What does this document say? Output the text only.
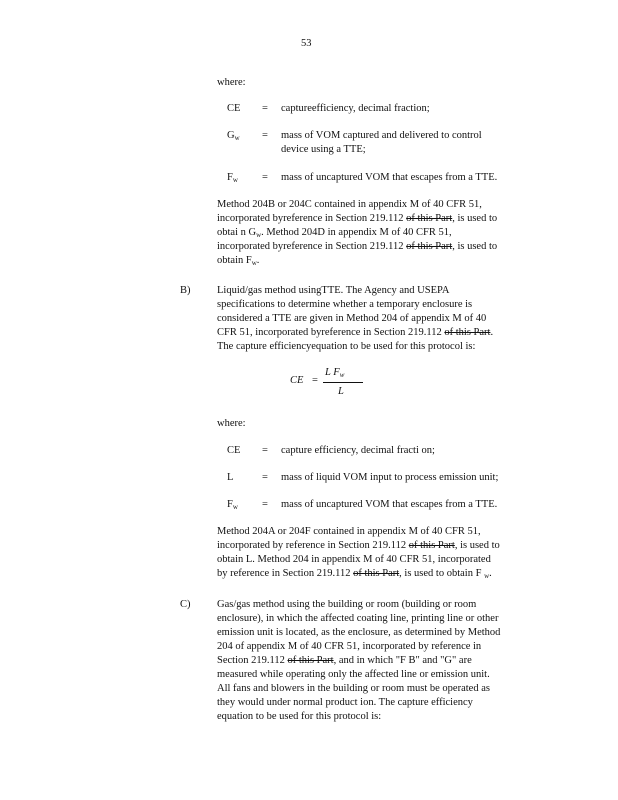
53
where:
CE = captureefficiency, decimal fraction;
$G_w$ = mass of VOM captured and delivered to control
device using a TTE;
$F_w$ = mass of uncaptured VOM that escapes from a TTE.
Method 204B or 204C contained in appendix M of 40 CFR 51,
incorporated byreference in Section 219.112 of this Part, is used to
obtai n $G_w$. Method 204D in appendix M of 40 CFR 51,
incorporated byreference in Section 219.112 of this Part, is used to
obtain $F_w$.
B)	Liquid/gas method usingTTE. The Agency and USEPA
specifications to determine whether a temporary enclosure is
considered a TTE are given in Method 204 of appendix M of 40
CFR 51, incorporated byreference in Section 219.112 of this Part.
The capture efficiencyequation to be used for this protocol is:
CE =
L $F_w$
L
where:
CE = capture efficiency, decimal fracti on;
L	= mass of liquid VOM input to process emission unit;
$F_w$ = mass of uncaptured VOM that escapes from a TTE.
Method 204A or 204F contained in appendix M of 40 CFR 51,
incorporated by reference in Section 219.112 of this Part, is used to
obtain L. Method 204 in appendix M of 40 CFR 51, incorporated
by reference in Section 219.112 of this Part, is used to obtain F $_w$.
C)	Gas/gas method using the building or room (building or room
enclosure), in which the affected coating line, printing line or other
emission unit is located, as the enclosure, as determined by Method
204 of appendix M of 40 CFR 51, incorporated by reference in
Section 219.112 of this Part, and in which "F B" and "G" are
measured while operating only the affected line or emission unit.
All fans and blowers in the building or room must be operated as
they would under normal product ion. The capture efficiency
equation to be used for this protocol is:
